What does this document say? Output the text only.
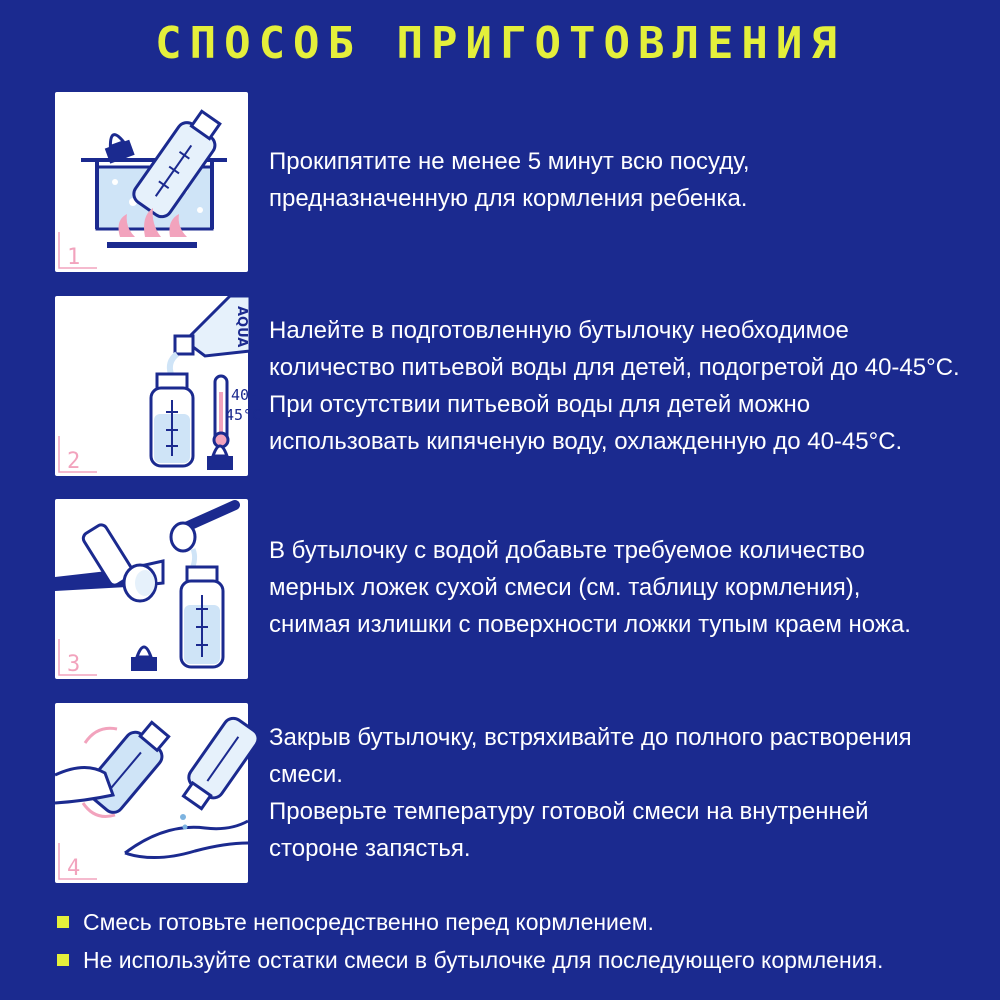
СПОСОБ ПРИГОТОВЛЕНИЯ
1

Прокипятите не менее 5 минут всю посуду,

предназначенную для кормления ребенка.

2
AQUA
40-
45°C

Налейте в подготовленную бутылочку необходимое

количество питьевой воды для детей, подогретой до 40-45°C.

При отсутствии питьевой воды для детей можно

использовать кипяченую воду, охлажденную до 40-45°C.

3

В бутылочку с водой добавьте требуемое количество

мерных ложек сухой смеси (см. таблицу кормления),

снимая излишки с поверхности ложки тупым краем ножа.

4

Закрыв бутылочку, встряхивайте до полного растворения

смеси.

Проверьте температуру готовой смеси на внутренней

стороне запястья.

Смесь готовьте непосредственно перед кормлением.
Не используйте остатки смеси в бутылочке для последующего кормления.
